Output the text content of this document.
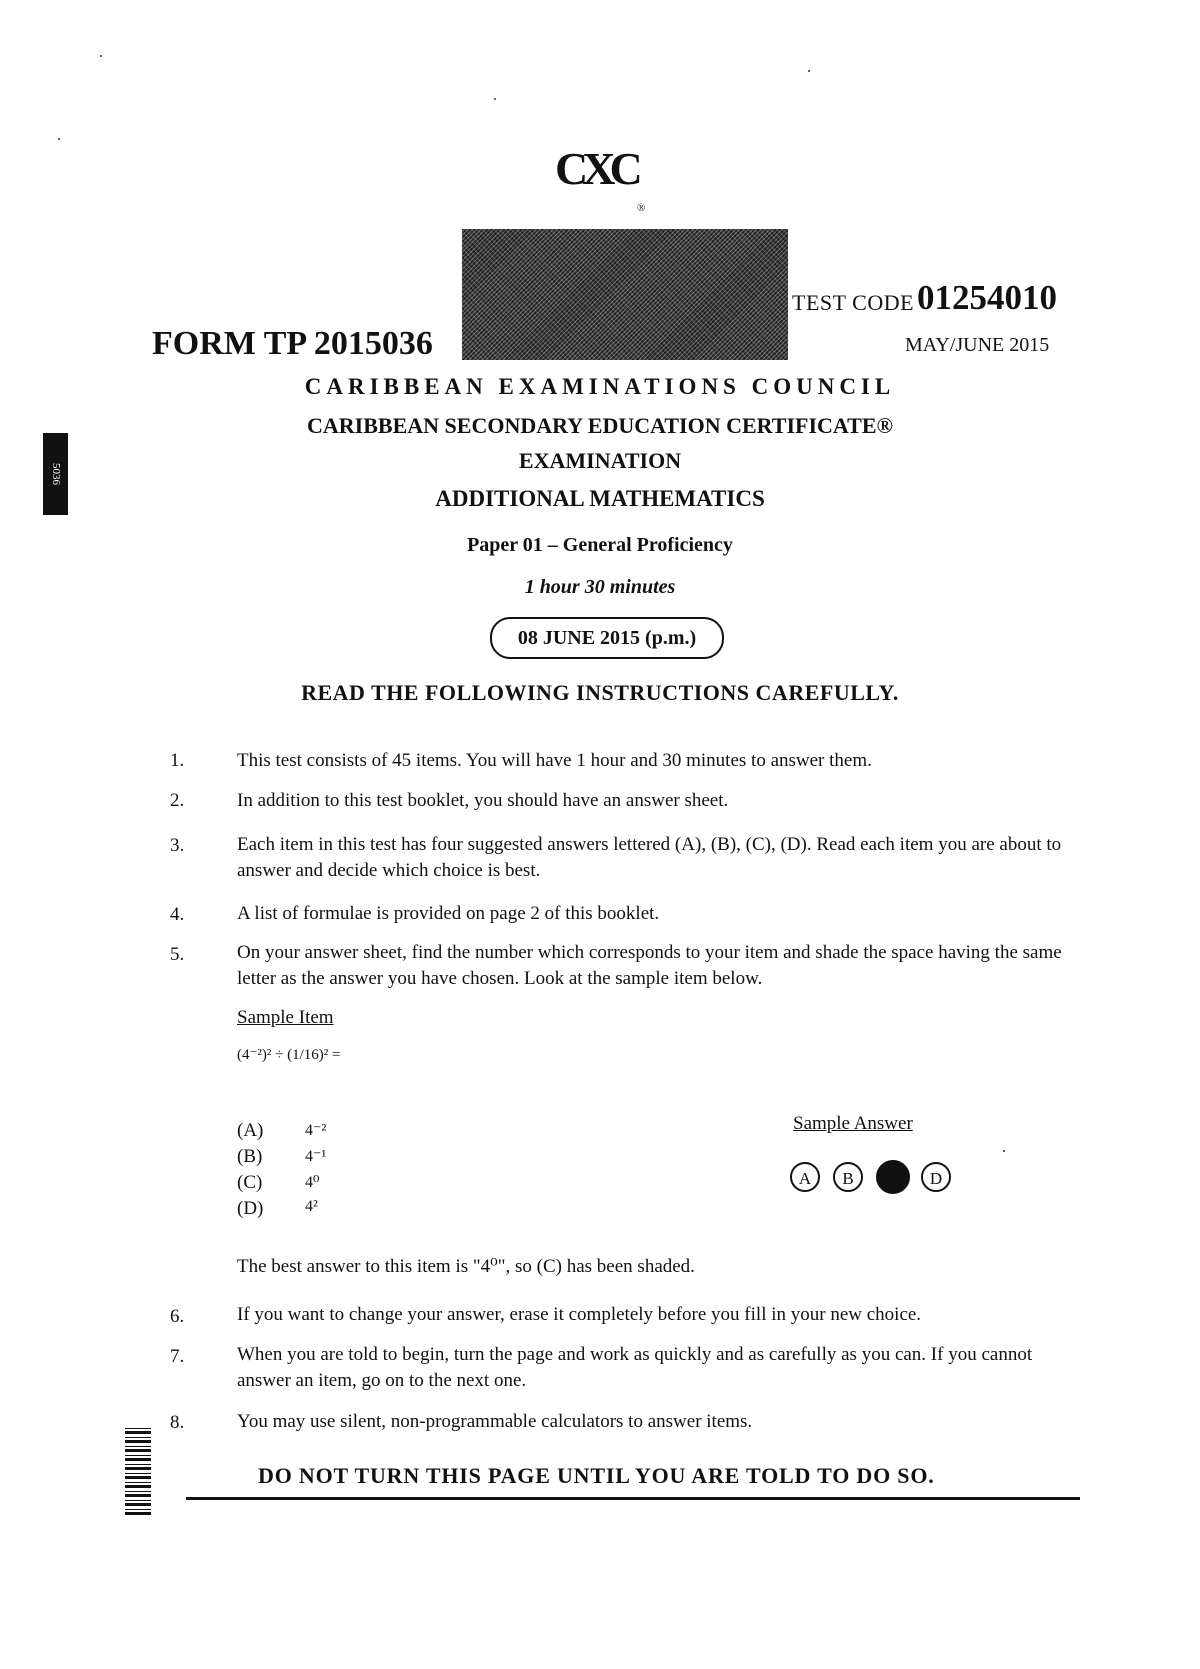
CXC
®
TEST CODE 01254010
FORM TP 2015036	MAY/JUNE 2015
5036
CARIBBEAN EXAMINATIONS COUNCIL
CARIBBEAN SECONDARY EDUCATION CERTIFICATE®
EXAMINATION
ADDITIONAL MATHEMATICS
Paper 01 – General Proficiency
1 hour 30 minutes
08 JUNE 2015 (p.m.)
READ THE FOLLOWING INSTRUCTIONS CAREFULLY.
1.	This test consists of 45 items. You will have 1 hour and 30 minutes to answer them.
2.	In addition to this test booklet, you should have an answer sheet.
3.	Each item in this test has four suggested answers lettered (A), (B), (C), (D). Read each item you are about to answer and decide which choice is best.
4.	A list of formulae is provided on page 2 of this booklet.
5.	On your answer sheet, find the number which corresponds to your item and shade the space having the same letter as the answer you have chosen. Look at the sample item below.
Sample Item
(4⁻²)² ÷ (1/16)² =
(A)	4⁻²
(B)	4⁻¹
(C)	4⁰
(D)	4²
Sample Answer
A	B	D
The best answer to this item is "4⁰", so (C) has been shaded.
6.	If you want to change your answer, erase it completely before you fill in your new choice.
7.	When you are told to begin, turn the page and work as quickly and as carefully as you can. If you cannot answer an item, go on to the next one.
8.	You may use silent, non-programmable calculators to answer items.
DO NOT TURN THIS PAGE UNTIL YOU ARE TOLD TO DO SO.
